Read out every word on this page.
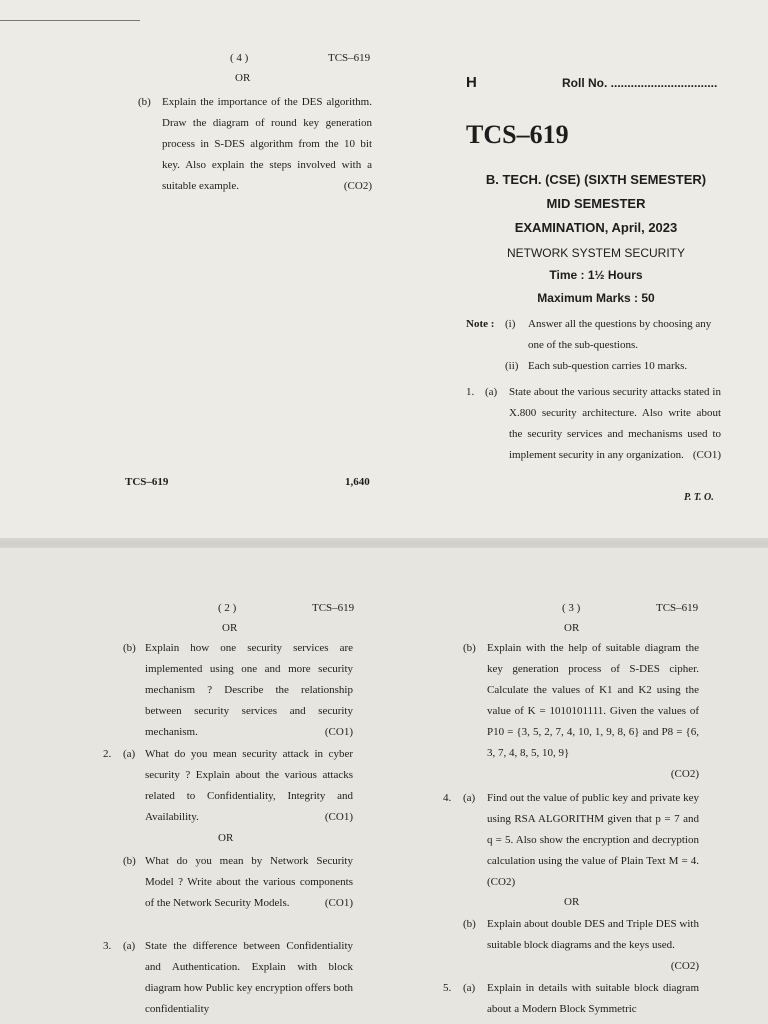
( 4 )	TCS–619
OR
(b) Explain the importance of the DES algorithm. Draw the diagram of round key generation process in S-DES algorithm from the 10 bit key. Also explain the steps involved with a suitable example.	(CO2)
TCS–619	1,640
H	Roll No. ................................
TCS–619
B. TECH. (CSE) (SIXTH SEMESTER)
MID SEMESTER
EXAMINATION, April, 2023
NETWORK SYSTEM SECURITY
Time : 1½ Hours
Maximum Marks : 50
Note : (i) Answer all the questions by choosing any one of the sub-questions.
(ii) Each sub-question carries 10 marks.
1. (a) State about the various security attacks stated in X.800 security architecture. Also write about the security services and mechanisms used to implement security in any organization. (CO1)
P. T. O.
( 2 )	TCS–619
OR
(b) Explain how one security services are implemented using one and more security mechanism ? Describe the relationship between security services and security mechanism.	(CO1)
2. (a) What do you mean security attack in cyber security ? Explain about the various attacks related to Confidentiality, Integrity and Availability.	(CO1)
OR
(b) What do you mean by Network Security Model ? Write about the various components of the Network Security Models.	(CO1)
3. (a) State the difference between Confidentiality and Authentication. Explain with block diagram how Public key encryption offers both confidentiality
( 3 )	TCS–619
OR
(b) Explain with the help of suitable diagram the key generation process of S-DES cipher. Calculate the values of K1 and K2 using the value of K = 1010101111. Given the values of P10 = {3, 5, 2, 7, 4, 10, 1, 9, 8, 6} and P8 = {6, 3, 7, 4, 8, 5, 10, 9}
(CO2)
4. (a) Find out the value of public key and private key using RSA ALGORITHM given that p = 7 and q = 5. Also show the encryption and decryption calculation using the value of Plain Text M = 4.(CO2)
OR
(b) Explain about double DES and Triple DES with suitable block diagrams and the keys used.
(CO2)
5. (a) Explain in details with suitable block diagram about a Modern Block Symmetric
